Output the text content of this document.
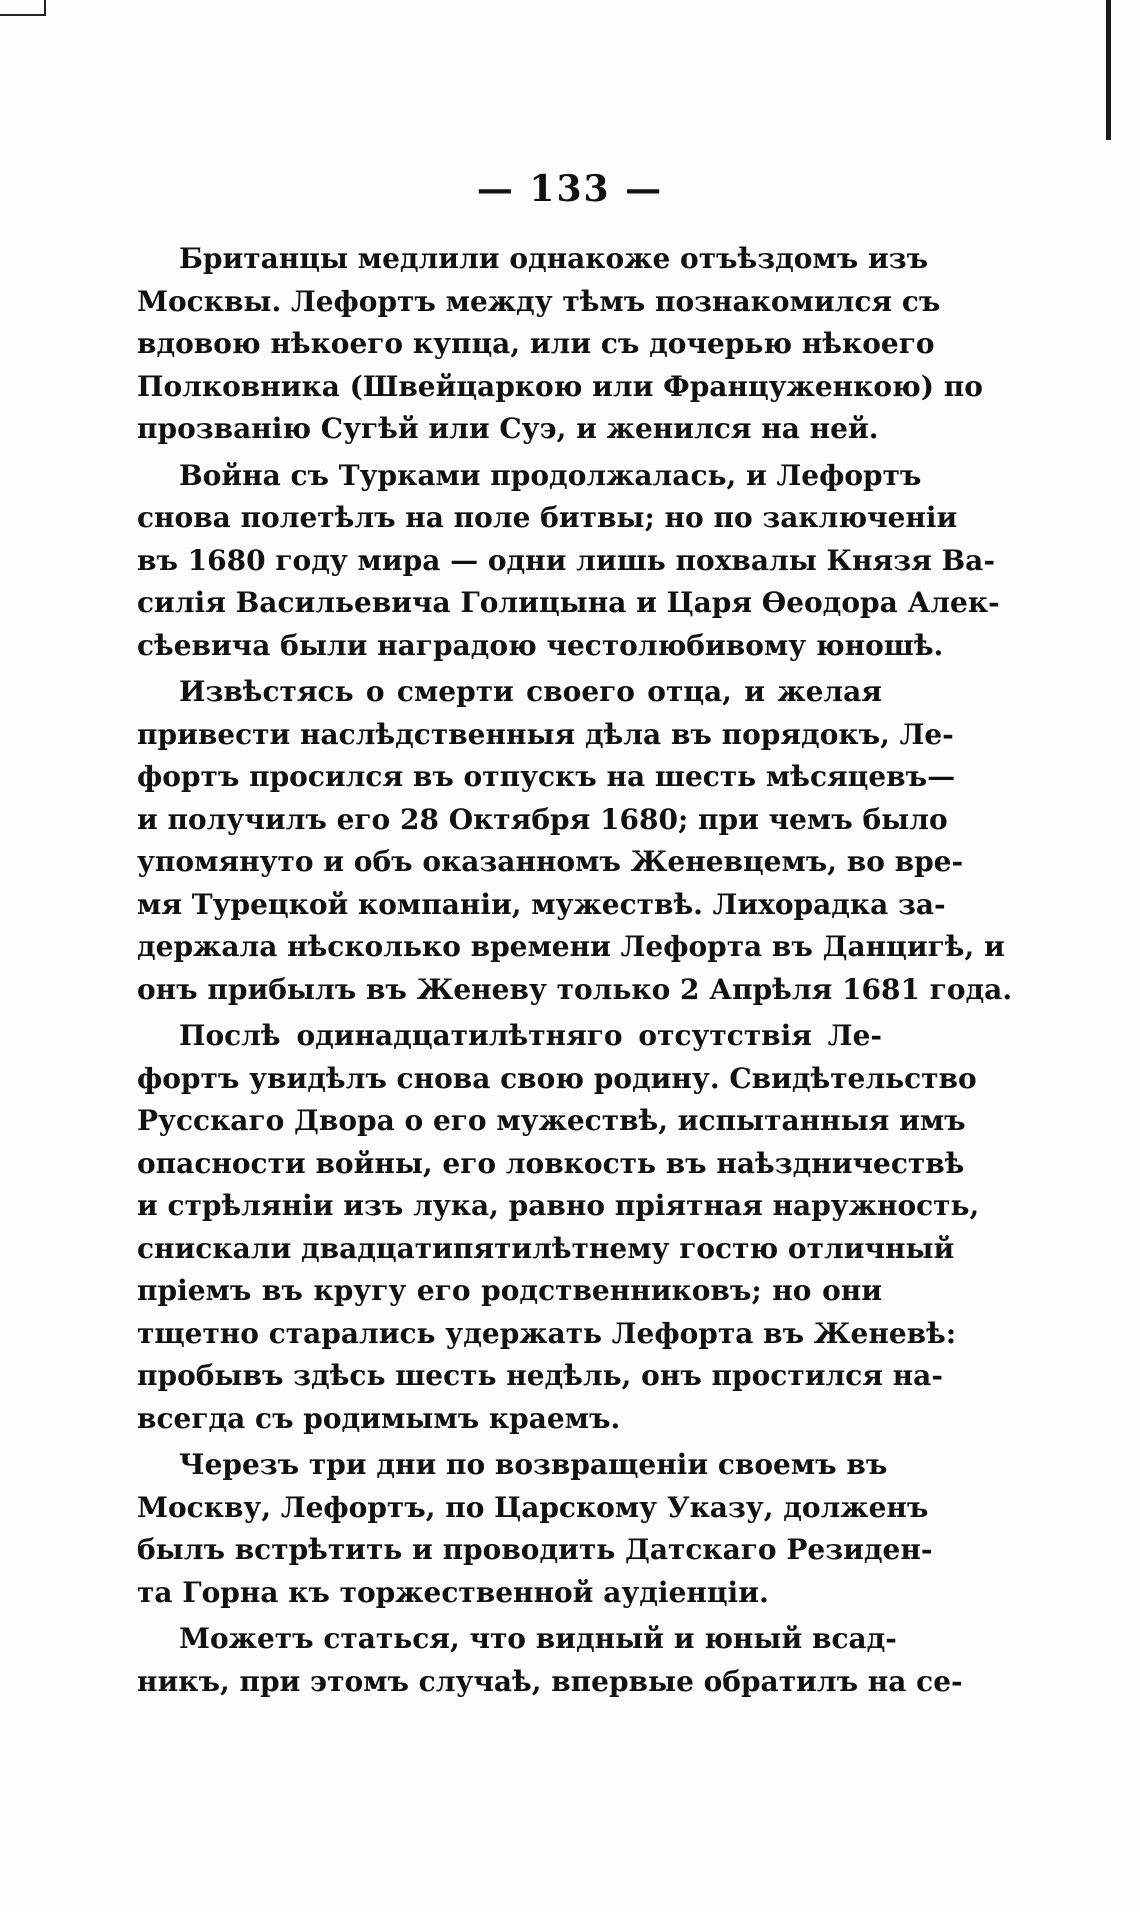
— 133 —

Британцы медлили однакоже отъѣздомъ изъ
Москвы. Лефортъ между тѣмъ познакомился съ
вдовою нѣкоего купца, или съ дочерью нѣкоего
Полковника (Швейцаркою или Француженкою) по
прозванію Сугѣй или Суэ, и женился на ней.

Война съ Турками продолжалась, и Лефортъ
снова полетѣлъ на поле битвы; но по заключеніи
въ 1680 году мира — одни лишь похвалы Князя Ва-
силія Васильевича Голицына и Царя Ѳеодора Алек-
сѣевича были наградою честолюбивому юношѣ.

Извѣстясь о смерти своего отца, и желая
привести наслѣдственныя дѣла въ порядокъ, Ле-
фортъ просился въ отпускъ на шесть мѣсяцевъ—
и получилъ его 28 Октября 1680; при чемъ было
упомянуто и объ оказанномъ Женевцемъ, во вре-
мя Турецкой компаніи, мужествѣ. Лихорадка за-
держала нѣсколько времени Лефорта въ Данцигѣ, и
онъ прибылъ въ Женеву только 2 Апрѣля 1681 года.

Послѣ одинадцатилѣтняго отсутствія Ле-
фортъ увидѣлъ снова свою родину. Свидѣтельство
Русскаго Двора о его мужествѣ, испытанныя имъ
опасности войны, его ловкость въ наѣздничествѣ
и стрѣляніи изъ лука, равно пріятная наружность,
снискали двадцатипятилѣтнему гостю отличный
пріемъ въ кругу его родственниковъ; но они
тщетно старались удержать Лефорта въ Женевѣ:
пробывъ здѣсь шесть недѣль, онъ простился на-
всегда съ родимымъ краемъ.

Черезъ три дни по возвращеніи своемъ въ
Москву, Лефортъ, по Царскому Указу, долженъ
былъ встрѣтить и проводить Датскаго Резиден-
та Горна къ торжественной аудіенціи.

Можетъ статься, что видный и юный всад-
никъ, при этомъ случаѣ, впервые обратилъ на се-
